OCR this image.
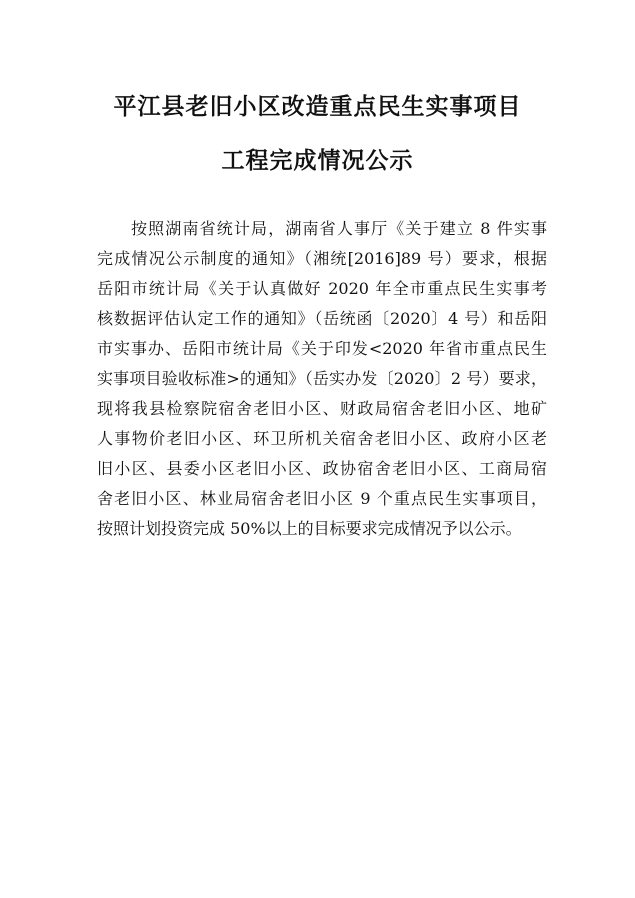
平江县老旧小区改造重点民生实事项目
工程完成情况公示
按照湖南省统计局，湖南省人事厅《关于建立 8 件实事
完成情况公示制度的通知》（湘统[2016]89 号）要求，根据
岳阳市统计局《关于认真做好 2020 年全市重点民生实事考
核数据评估认定工作的通知》（岳统函〔2020〕4 号）和岳阳
市实事办、岳阳市统计局《关于印发<2020 年省市重点民生
实事项目验收标准>的通知》（岳实办发〔2020〕2 号）要求，
现将我县检察院宿舍老旧小区、财政局宿舍老旧小区、地矿
人事物价老旧小区、环卫所机关宿舍老旧小区、政府小区老
旧小区、县委小区老旧小区、政协宿舍老旧小区、工商局宿
舍老旧小区、林业局宿舍老旧小区 9 个重点民生实事项目，
按照计划投资完成 50%以上的目标要求完成情况予以公示。
